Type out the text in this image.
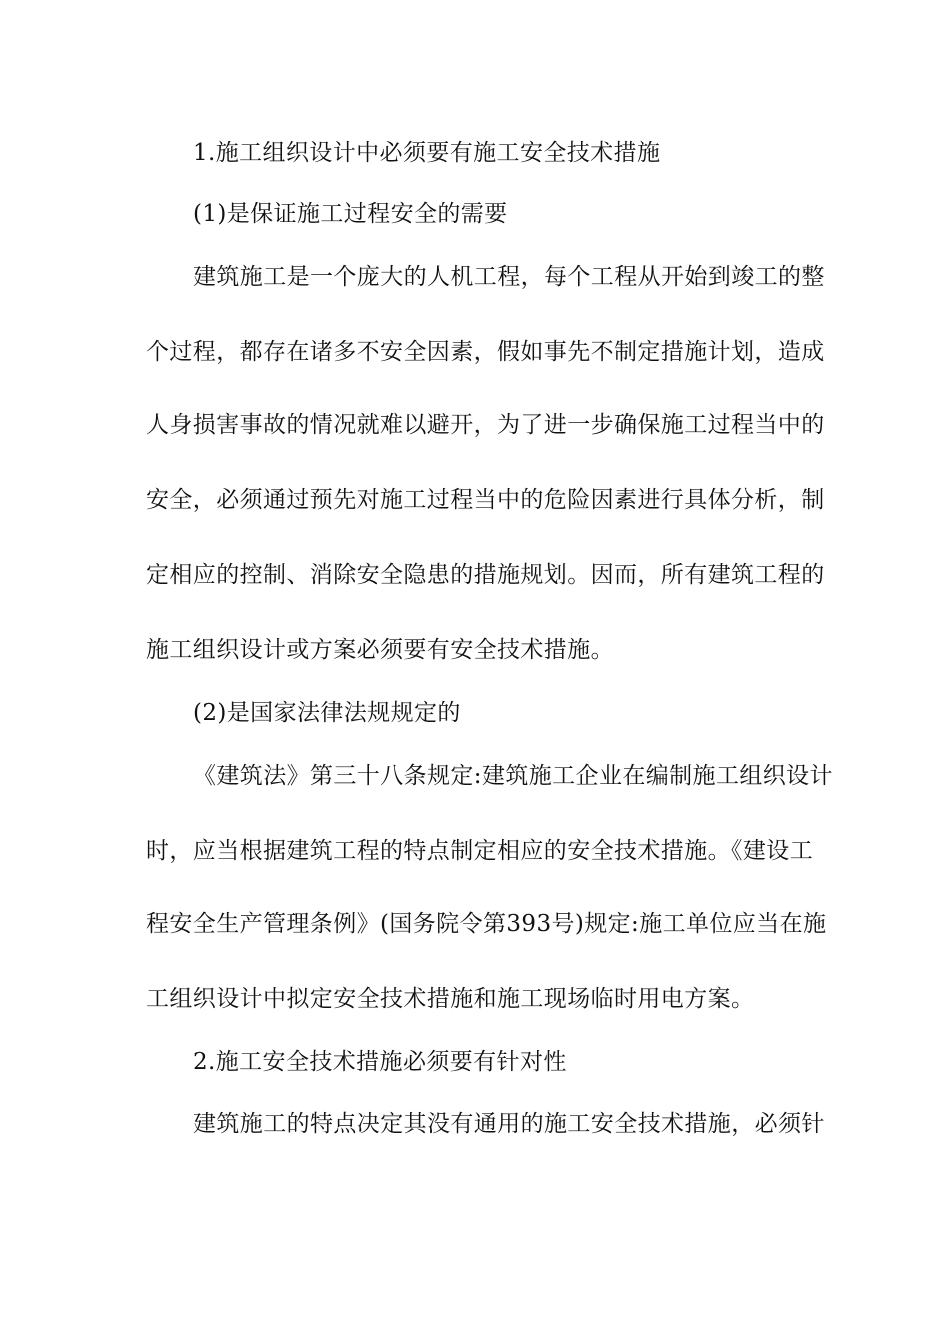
1.施工组织设计中必须要有施工安全技术措施
(1)是保证施工过程安全的需要
建筑施工是一个庞大的人机工程，每个工程从开始到竣工的整
个过程，都存在诸多不安全因素，假如事先不制定措施计划，造成
人身损害事故的情况就难以避开，为了进一步确保施工过程当中的
安全，必须通过预先对施工过程当中的危险因素进行具体分析，制
定相应的控制、消除安全隐患的措施规划。因而，所有建筑工程的
施工组织设计或方案必须要有安全技术措施。
(2)是国家法律法规规定的
《建筑法》第三十八条规定:建筑施工企业在编制施工组织设计
时，应当根据建筑工程的特点制定相应的安全技术措施。《建设工
程安全生产管理条例》(国务院令第393号)规定:施工单位应当在施
工组织设计中拟定安全技术措施和施工现场临时用电方案。
2.施工安全技术措施必须要有针对性
建筑施工的特点决定其没有通用的施工安全技术措施，必须针
